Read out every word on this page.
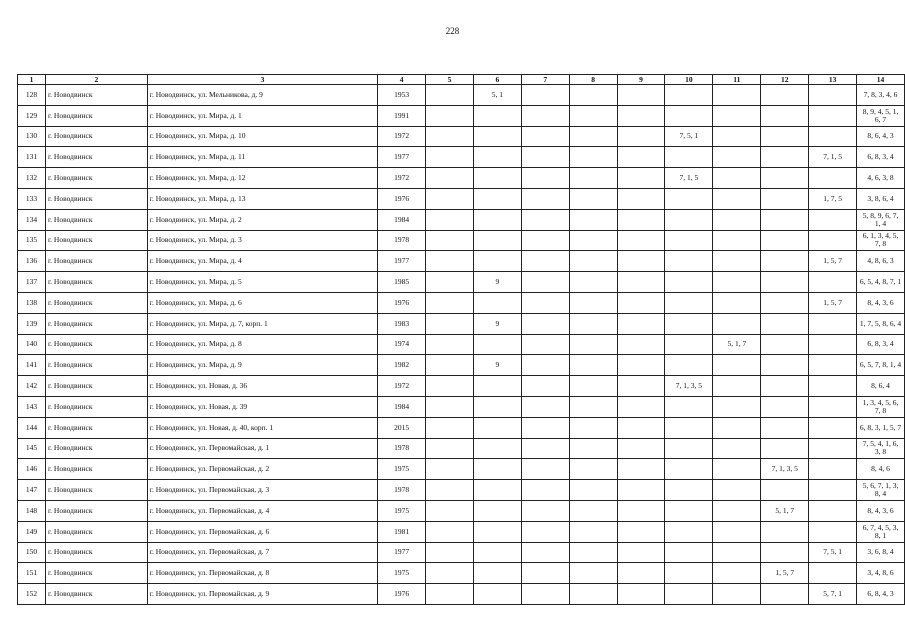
228
1	2	3	4	5	6	7	8	9	10	11	12	13	14
128	г. Новодвинск	г. Новодвинск, ул. Мельникова, д. 9	1953		5, 1								7, 8, 3, 4, 6
129	г. Новодвинск	г. Новодвинск, ул. Мира, д. 1	1991										8, 9, 4, 5, 1, 6, 7
130	г. Новодвинск	г. Новодвинск, ул. Мира, д. 10	1972						7, 5, 1				8, 6, 4, 3
131	г. Новодвинск	г. Новодвинск, ул. Мира, д. 11	1977									7, 1, 5	6, 8, 3, 4
132	г. Новодвинск	г. Новодвинск, ул. Мира, д. 12	1972						7, 1, 5				4, 6, 3, 8
133	г. Новодвинск	г. Новодвинск, ул. Мира, д. 13	1976									1, 7, 5	3, 8, 6, 4
134	г. Новодвинск	г. Новодвинск, ул. Мира, д. 2	1984										5, 8, 9, 6, 7, 1, 4
135	г. Новодвинск	г. Новодвинск, ул. Мира, д. 3	1978										6, 1, 3, 4, 5, 7, 8
136	г. Новодвинск	г. Новодвинск, ул. Мира, д. 4	1977									1, 5, 7	4, 8, 6, 3
137	г. Новодвинск	г. Новодвинск, ул. Мира, д. 5	1985		9								6, 5, 4, 8, 7, 1
138	г. Новодвинск	г. Новодвинск, ул. Мира, д. 6	1976									1, 5, 7	8, 4, 3, 6
139	г. Новодвинск	г. Новодвинск, ул. Мира, д. 7, корп. 1	1983		9								1, 7, 5, 8, 6, 4
140	г. Новодвинск	г. Новодвинск, ул. Мира, д. 8	1974							5, 1, 7			6, 8, 3, 4
141	г. Новодвинск	г. Новодвинск, ул. Мира, д. 9	1982		9								6, 5, 7, 8, 1, 4
142	г. Новодвинск	г. Новодвинск, ул. Новая, д. 36	1972						7, 1, 3, 5				8, 6, 4
143	г. Новодвинск	г. Новодвинск, ул. Новая, д. 39	1984										1, 3, 4, 5, 6, 7, 8
144	г. Новодвинск	г. Новодвинск, ул. Новая, д. 40, корп. 1	2015										6, 8, 3, 1, 5, 7
145	г. Новодвинск	г. Новодвинск, ул. Первомайская, д. 1	1978										7, 5, 4, 1, 6, 3, 8
146	г. Новодвинск	г. Новодвинск, ул. Первомайская, д. 2	1975								7, 1, 3, 5		8, 4, 6
147	г. Новодвинск	г. Новодвинск, ул. Первомайская, д. 3	1978										5, 6, 7, 1, 3, 8, 4
148	г. Новодвинск	г. Новодвинск, ул. Первомайская, д. 4	1975								5, 1, 7		8, 4, 3, 6
149	г. Новодвинск	г. Новодвинск, ул. Первомайская, д. 6	1981										6, 7, 4, 5, 3, 8, 1
150	г. Новодвинск	г. Новодвинск, ул. Первомайская, д. 7	1977									7, 5, 1	3, 6, 8, 4
151	г. Новодвинск	г. Новодвинск, ул. Первомайская, д. 8	1975								1, 5, 7		3, 4, 8, 6
152	г. Новодвинск	г. Новодвинск, ул. Первомайская, д. 9	1976									5, 7, 1	6, 8, 4, 3
